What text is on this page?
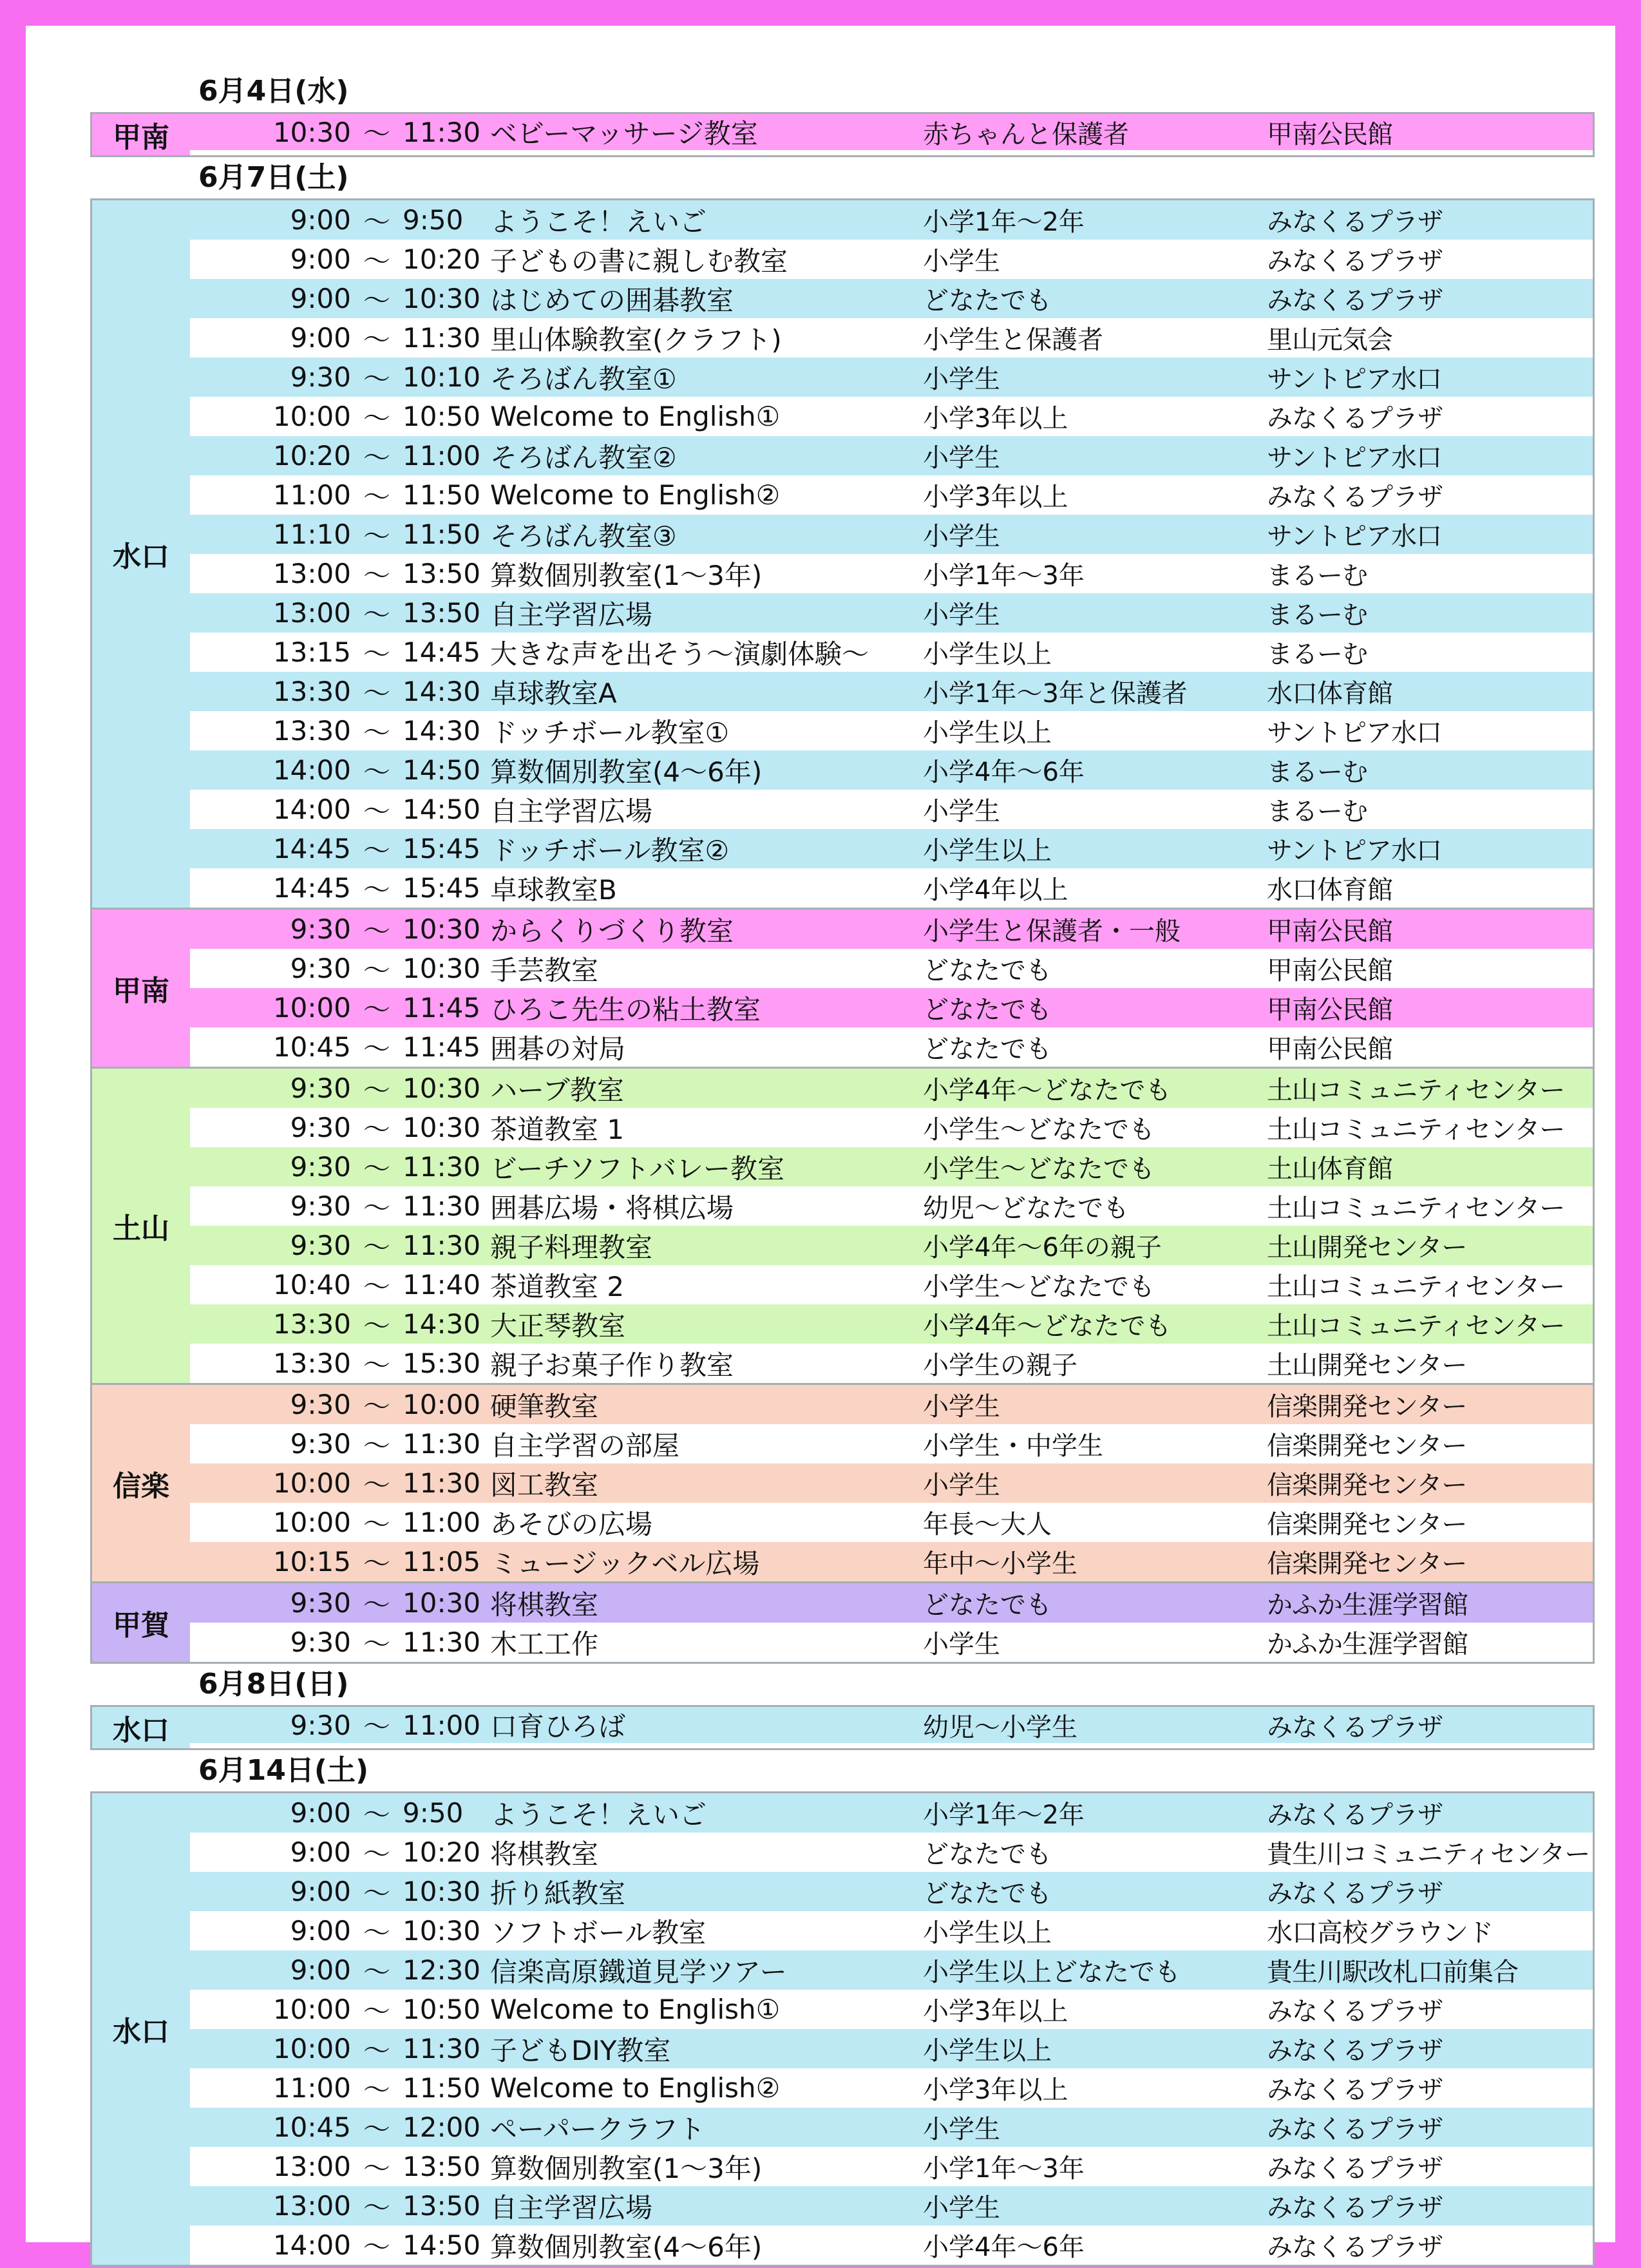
6月4日(水)
甲南	10:30 ～ 11:30 ベビーマッサージ教室	赤ちゃんと保護者	甲南公民館
6月7日(土)
水口
9:00 ～ 9:50 ようこそ！えいご	小学1年～2年	みなくるプラザ
9:00 ～ 10:20 子どもの書に親しむ教室	小学生	みなくるプラザ
9:00 ～ 10:30 はじめての囲碁教室	どなたでも	みなくるプラザ
9:00 ～ 11:30 里山体験教室(クラフト)	小学生と保護者	里山元気会
9:30 ～ 10:10 そろばん教室①	小学生	サントピア水口
10:00 ～ 10:50 Welcome to English①	小学3年以上	みなくるプラザ
10:20 ～ 11:00 そろばん教室②	小学生	サントピア水口
11:00 ～ 11:50 Welcome to English②	小学3年以上	みなくるプラザ
11:10 ～ 11:50 そろばん教室③	小学生	サントピア水口
13:00 ～ 13:50 算数個別教室(1～3年)	小学1年～3年	まるーむ
13:00 ～ 13:50 自主学習広場	小学生	まるーむ
13:15 ～ 14:45 大きな声を出そう～演劇体験～	小学生以上	まるーむ
13:30 ～ 14:30 卓球教室A	小学1年～3年と保護者	水口体育館
13:30 ～ 14:30 ドッチボール教室①	小学生以上	サントピア水口
14:00 ～ 14:50 算数個別教室(4～6年)	小学4年～6年	まるーむ
14:00 ～ 14:50 自主学習広場	小学生	まるーむ
14:45 ～ 15:45 ドッチボール教室②	小学生以上	サントピア水口
14:45 ～ 15:45 卓球教室B	小学4年以上	水口体育館
甲南
9:30 ～ 10:30 からくりづくり教室	小学生と保護者・一般	甲南公民館
9:30 ～ 10:30 手芸教室	どなたでも	甲南公民館
10:00 ～ 11:45 ひろこ先生の粘土教室	どなたでも	甲南公民館
10:45 ～ 11:45 囲碁の対局	どなたでも	甲南公民館
土山
9:30 ～ 10:30 ハーブ教室	小学4年～どなたでも	土山コミュニティセンター
9:30 ～ 10:30 茶道教室 1	小学生～どなたでも	土山コミュニティセンター
9:30 ～ 11:30 ビーチソフトバレー教室	小学生～どなたでも	土山体育館
9:30 ～ 11:30 囲碁広場・将棋広場	幼児～どなたでも	土山コミュニティセンター
9:30 ～ 11:30 親子料理教室	小学4年～6年の親子	土山開発センター
10:40 ～ 11:40 茶道教室 2	小学生～どなたでも	土山コミュニティセンター
13:30 ～ 14:30 大正琴教室	小学4年～どなたでも	土山コミュニティセンター
13:30 ～ 15:30 親子お菓子作り教室	小学生の親子	土山開発センター
信楽
9:30 ～ 10:00 硬筆教室	小学生	信楽開発センター
9:30 ～ 11:30 自主学習の部屋	小学生・中学生	信楽開発センター
10:00 ～ 11:30 図工教室	小学生	信楽開発センター
10:00 ～ 11:00 あそびの広場	年長～大人	信楽開発センター
10:15 ～ 11:05 ミュージックベル広場	年中～小学生	信楽開発センター
甲賀
9:30 ～ 10:30 将棋教室	どなたでも	かふか生涯学習館
9:30 ～ 11:30 木工工作	小学生	かふか生涯学習館
6月8日(日)
水口	9:30 ～ 11:00 口育ひろば	幼児～小学生	みなくるプラザ
6月14日(土)
水口
9:00 ～ 9:50 ようこそ！えいご	小学1年～2年	みなくるプラザ
9:00 ～ 10:20 将棋教室	どなたでも	貴生川コミュニティセンター
9:00 ～ 10:30 折り紙教室	どなたでも	みなくるプラザ
9:00 ～ 10:30 ソフトボール教室	小学生以上	水口高校グラウンド
9:00 ～ 12:30 信楽高原鐵道見学ツアー	小学生以上どなたでも	貴生川駅改札口前集合
10:00 ～ 10:50 Welcome to English①	小学3年以上	みなくるプラザ
10:00 ～ 11:30 子どもDIY教室	小学生以上	みなくるプラザ
11:00 ～ 11:50 Welcome to English②	小学3年以上	みなくるプラザ
10:45 ～ 12:00 ペーパークラフト	小学生	みなくるプラザ
13:00 ～ 13:50 算数個別教室(1～3年)	小学1年～3年	みなくるプラザ
13:00 ～ 13:50 自主学習広場	小学生	みなくるプラザ
14:00 ～ 14:50 算数個別教室(4～6年)	小学4年～6年	みなくるプラザ
